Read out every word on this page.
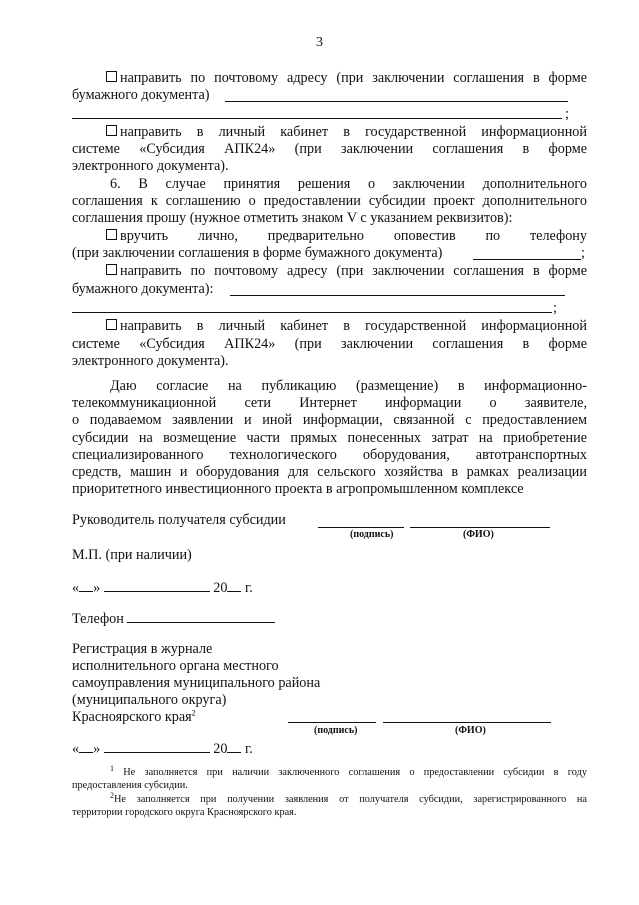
3
направить по почтовому адресу (при заключении соглашения в форме
бумажного документа)
;
направить в личный кабинет в государственной информационной
системе «Субсидия АПК24» (при заключении соглашения в форме
электронного документа).
6. В случае принятия решения о заключении дополнительного
соглашения к соглашению о предоставлении субсидии проект дополнительного
соглашения прошу (нужное отметить знаком V с указанием реквизитов):
вручить лично, предварительно оповестив по телефону
(при заключении соглашения в форме бумажного документа)	;
направить по почтовому адресу (при заключении соглашения в форме
бумажного документа):
;
направить в личный кабинет в государственной информационной
системе «Субсидия АПК24» (при заключении соглашения в форме
электронного документа).
Даю согласие на публикацию (размещение) в информационно-
телекоммуникационной сети Интернет информации о заявителе,
о подаваемом заявлении и иной информации, связанной с предоставлением
субсидии на возмещение части прямых понесенных затрат на приобретение
специализированного технологического оборудования, автотранспортных
средств, машин и оборудования для сельского хозяйства в рамках реализации
приоритетного инвестиционного проекта в агропромышленном комплексе
Руководитель получателя субсидии
(подпись)	(ФИО)
М.П. (при наличии)
« »	20 г.
Телефон
Регистрация в журнале
исполнительного органа местного
самоуправления муниципального района
(муниципального округа)
Красноярского края$^2$
(подпись)	(ФИО)
« »	20 г.
$^1$ Не заполняется при наличии заключенного соглашения о предоставлении субсидии в году
предоставления субсидии.
$^2$Не заполняется при получении заявления от получателя субсидии, зарегистрированного на
территории городского округа Красноярского края.
